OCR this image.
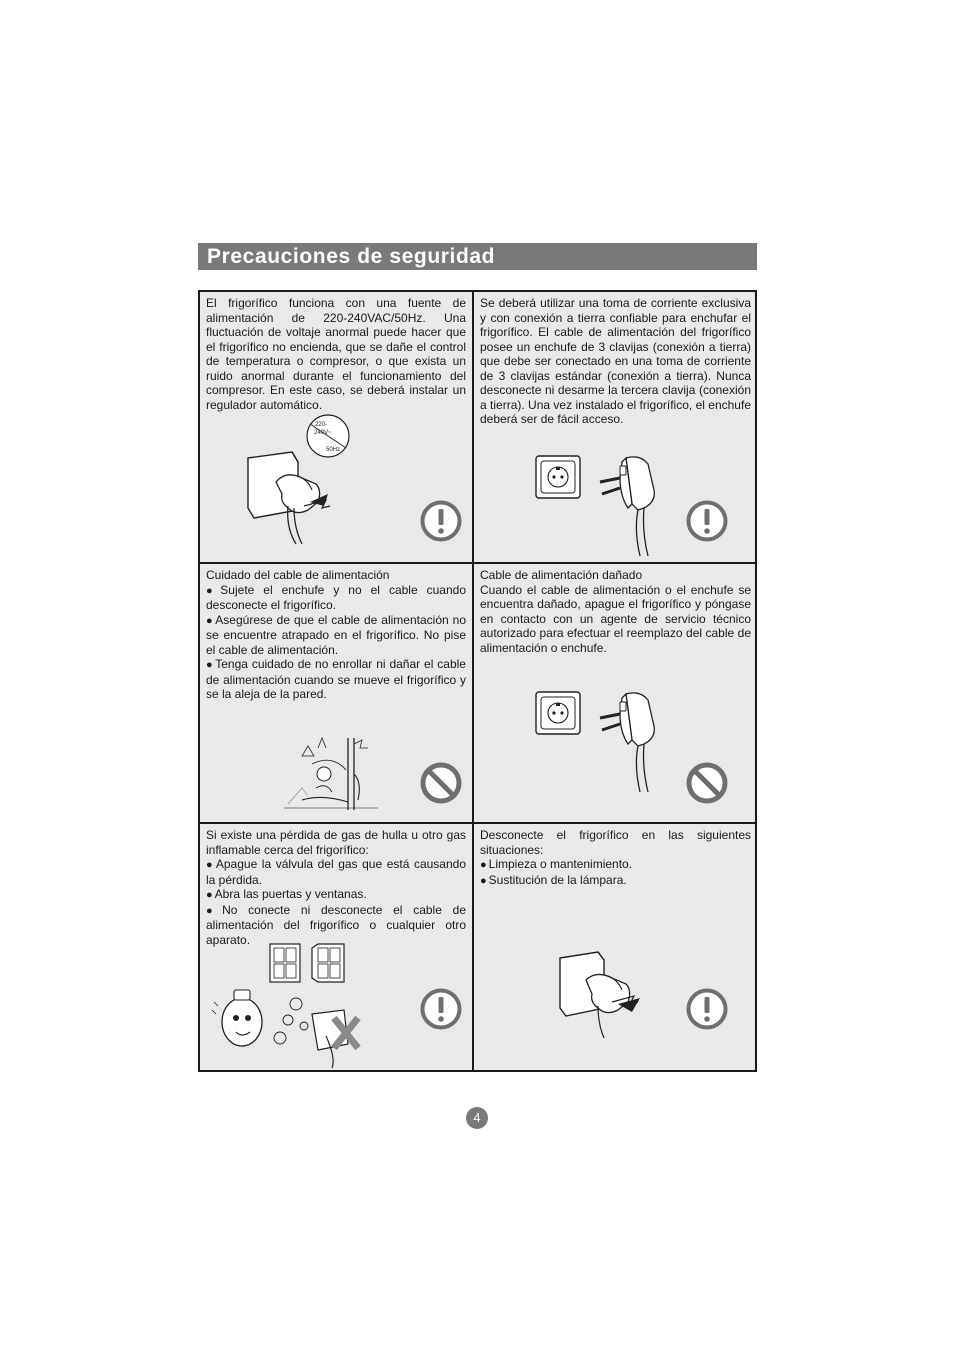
Precauciones de seguridad

El frigorífico funciona con una fuente de alimentación de 220-240VAC/50Hz. Una fluctuación de voltaje anormal puede hacer que el frigorífico no encienda, que se dañe el control de temperatura o compresor, o que exista un ruido anormal durante el funcionamiento del compresor. En este caso, se deberá instalar un regulador automático.

220-
240V~
50Hz

Se deberá utilizar una toma de corriente exclusiva y con conexión a tierra confiable para enchufar el frigorífico. El cable de alimentación del frigorífico posee un enchufe de 3 clavijas (conexión a tierra) que debe ser conectado en una toma de corriente de 3 clavijas estándar (conexión a tierra). Nunca desconecte ni desarme la tercera clavija (conexión a tierra). Una vez instalado el frigorífico, el enchufe deberá ser de fácil acceso.

Cuidado del cable de alimentación

● Sujete el enchufe y no el cable cuando desconecte el frigorífico.

● Asegúrese de que el cable de alimentación no se encuentre atrapado en el frigorífico. No pise el cable de alimentación.

● Tenga cuidado de no enrollar ni dañar el cable de alimentación cuando se mueve el frigorífico y se la aleja de la pared.

Cable de alimentación dañado

Cuando el cable de alimentación o el enchufe se encuentra dañado, apague el frigorífico y póngase en contacto con un agente de servicio técnico autorizado para efectuar el reemplazo del cable de alimentación o enchufe.

Si existe una pérdida de gas de hulla u otro gas inflamable cerca del frigorífico:

● Apague la válvula del gas que está causando la pérdida.

● Abra las puertas y ventanas.

● No conecte ni desconecte el cable de alimentación del frigorífico o cualquier otro aparato.

Desconecte el frigorífico en las siguientes situaciones:

● Limpieza o mantenimiento.

● Sustitución de la lámpara.

4
